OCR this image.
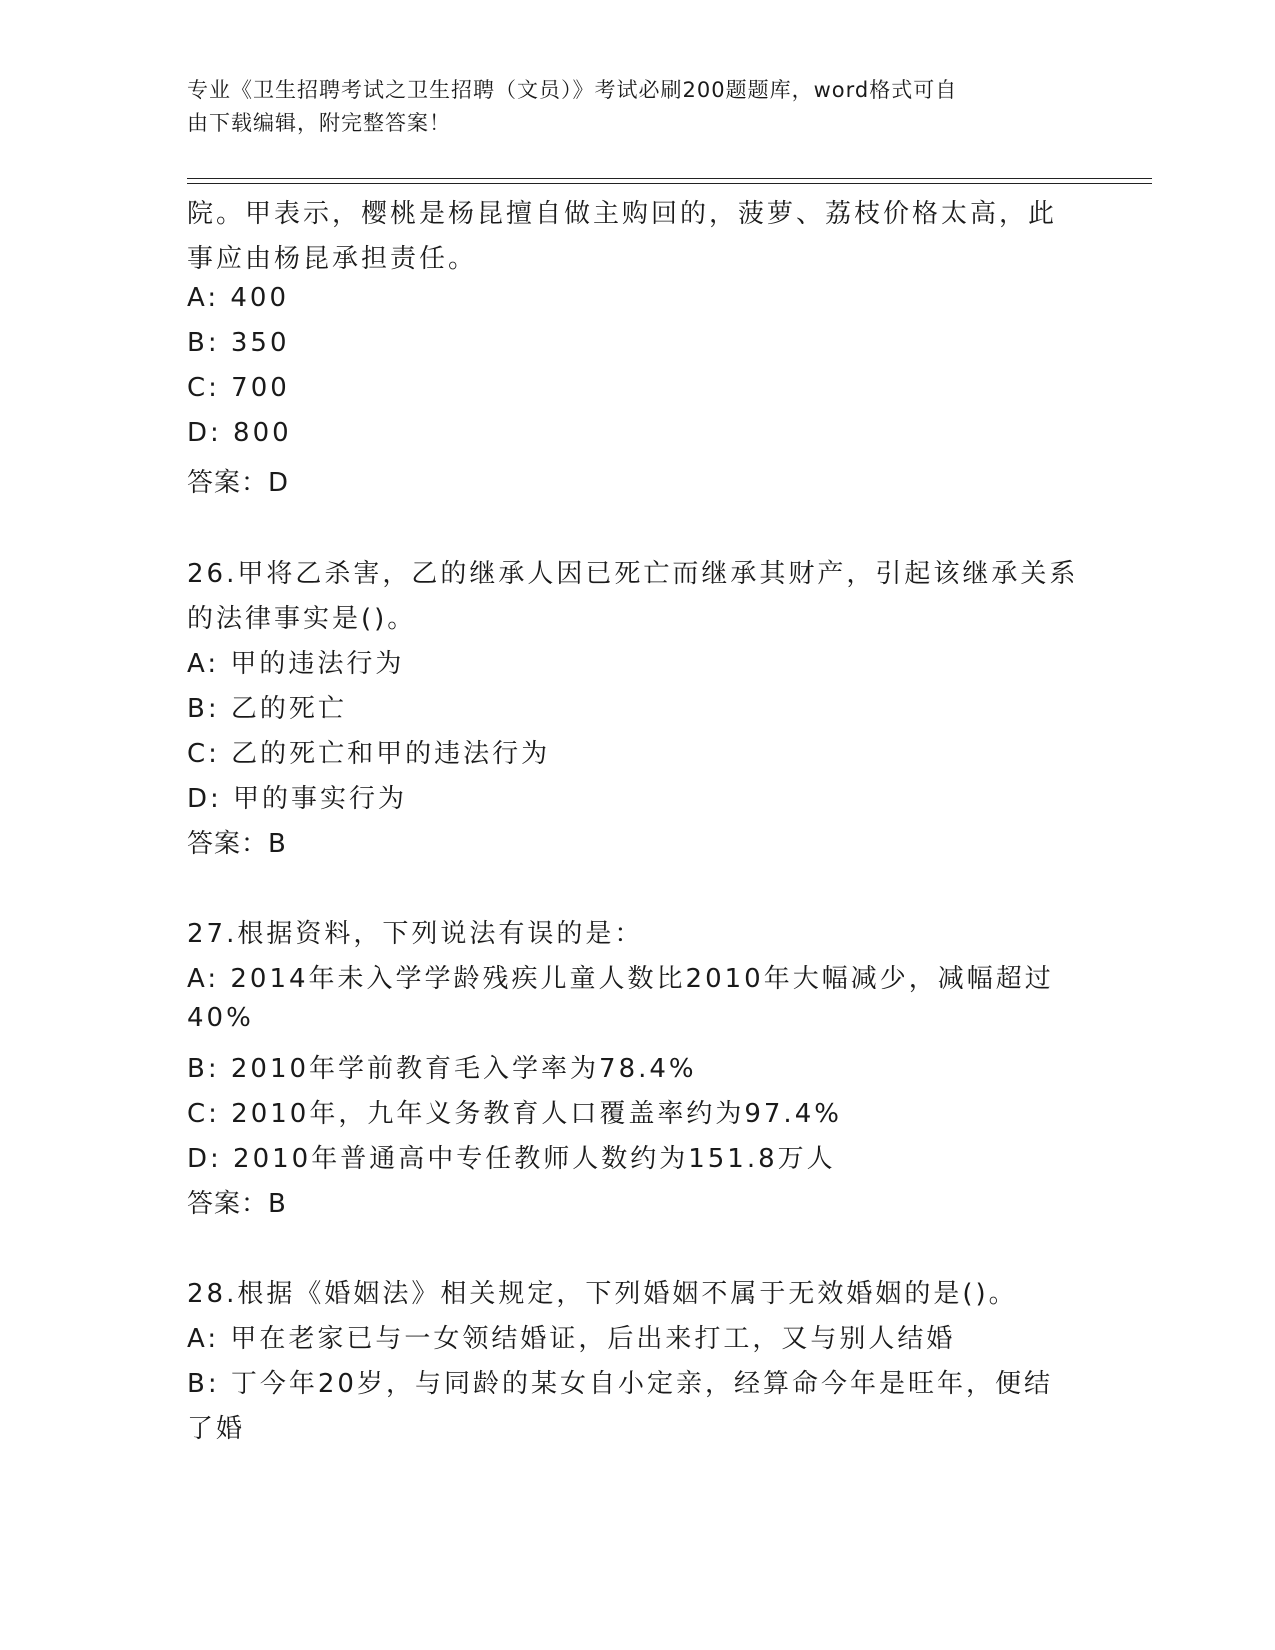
专业《卫生招聘考试之卫生招聘（文员）》考试必刷200题题库，word格式可自
由下载编辑，附完整答案！
院。甲表示，樱桃是杨昆擅自做主购回的，菠萝、荔枝价格太高，此
事应由杨昆承担责任。
A: 400
B: 350
C: 700
D: 800
答案：D
26.甲将乙杀害，乙的继承人因已死亡而继承其财产，引起该继承关系
的法律事实是()。
A: 甲的违法行为
B: 乙的死亡
C: 乙的死亡和甲的违法行为
D: 甲的事实行为
答案：B
27.根据资料，下列说法有误的是：
A: 2014年未入学学龄残疾儿童人数比2010年大幅减少，减幅超过
40%
B: 2010年学前教育毛入学率为78.4%
C: 2010年，九年义务教育人口覆盖率约为97.4%
D: 2010年普通高中专任教师人数约为151.8万人
答案：B
28.根据《婚姻法》相关规定，下列婚姻不属于无效婚姻的是()。
A: 甲在老家已与一女领结婚证，后出来打工，又与别人结婚
B: 丁今年20岁，与同龄的某女自小定亲，经算命今年是旺年，便结
了婚
